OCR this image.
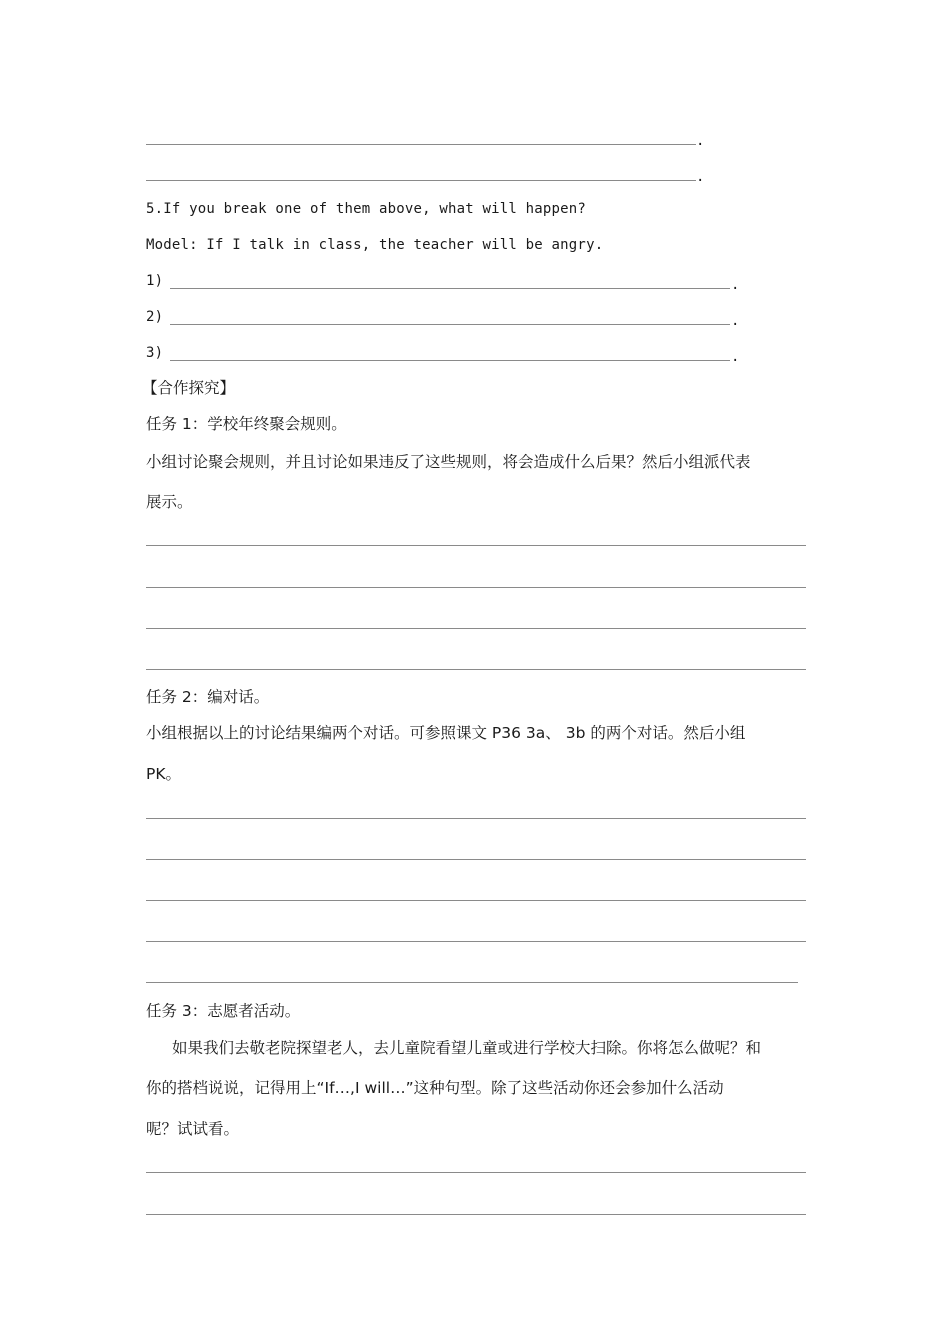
.
.
5.If you break one of them above, what will happen?
Model: If I talk in class, the teacher will be angry.
1)	.
2)	.
3)	.
【合作探究】
任务 1：学校年终聚会规则。
小组讨论聚会规则，并且讨论如果违反了这些规则，将会造成什么后果？然后小组派代表
展示。
任务 2：编对话。
小组根据以上的讨论结果编两个对话。可参照课文 P36 3a、 3b 的两个对话。然后小组
PK。
任务 3：志愿者活动。
如果我们去敬老院探望老人，去儿童院看望儿童或进行学校大扫除。你将怎么做呢？和
你的搭档说说，记得用上“If…,I will…”这种句型。除了这些活动你还会参加什么活动
呢？试试看。
